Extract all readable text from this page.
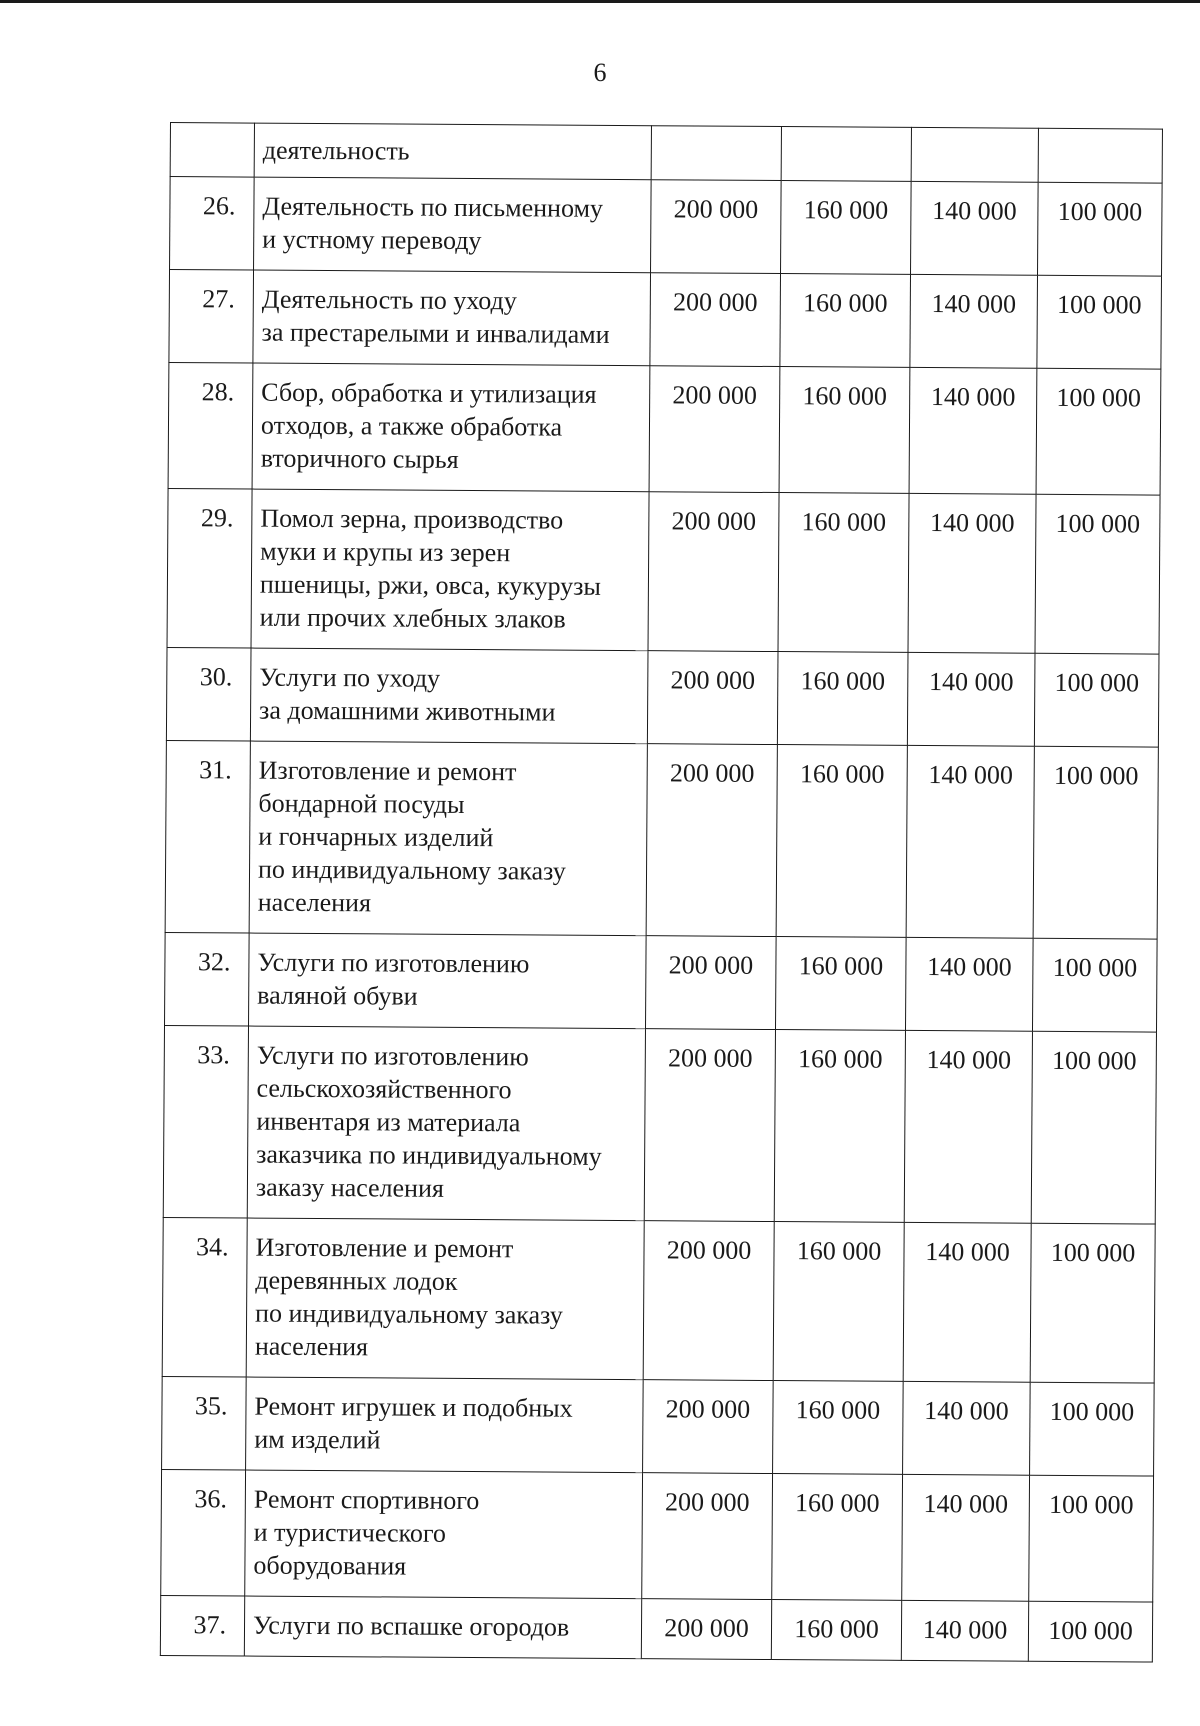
6
	деятельность				
26.	Деятельность по письменному
и устному переводу	200 000	160 000	140 000	100 000
27.	Деятельность по уходу
за престарелыми и инвалидами	200 000	160 000	140 000	100 000
28.	Сбор, обработка и утилизация
отходов, а также обработка
вторичного сырья	200 000	160 000	140 000	100 000
29.	Помол зерна, производство
муки и крупы из зерен
пшеницы, ржи, овса, кукурузы
или прочих хлебных злаков	200 000	160 000	140 000	100 000
30.	Услуги по уходу
за домашними животными	200 000	160 000	140 000	100 000
31.	Изготовление и ремонт
бондарной посуды
и гончарных изделий
по индивидуальному заказу
населения	200 000	160 000	140 000	100 000
32.	Услуги по изготовлению
валяной обуви	200 000	160 000	140 000	100 000
33.	Услуги по изготовлению
сельскохозяйственного
инвентаря из материала
заказчика по индивидуальному
заказу населения	200 000	160 000	140 000	100 000
34.	Изготовление и ремонт
деревянных лодок
по индивидуальному заказу
населения	200 000	160 000	140 000	100 000
35.	Ремонт игрушек и подобных
им изделий	200 000	160 000	140 000	100 000
36.	Ремонт спортивного
и туристического
оборудования	200 000	160 000	140 000	100 000
37.	Услуги по вспашке огородов	200 000	160 000	140 000	100 000
